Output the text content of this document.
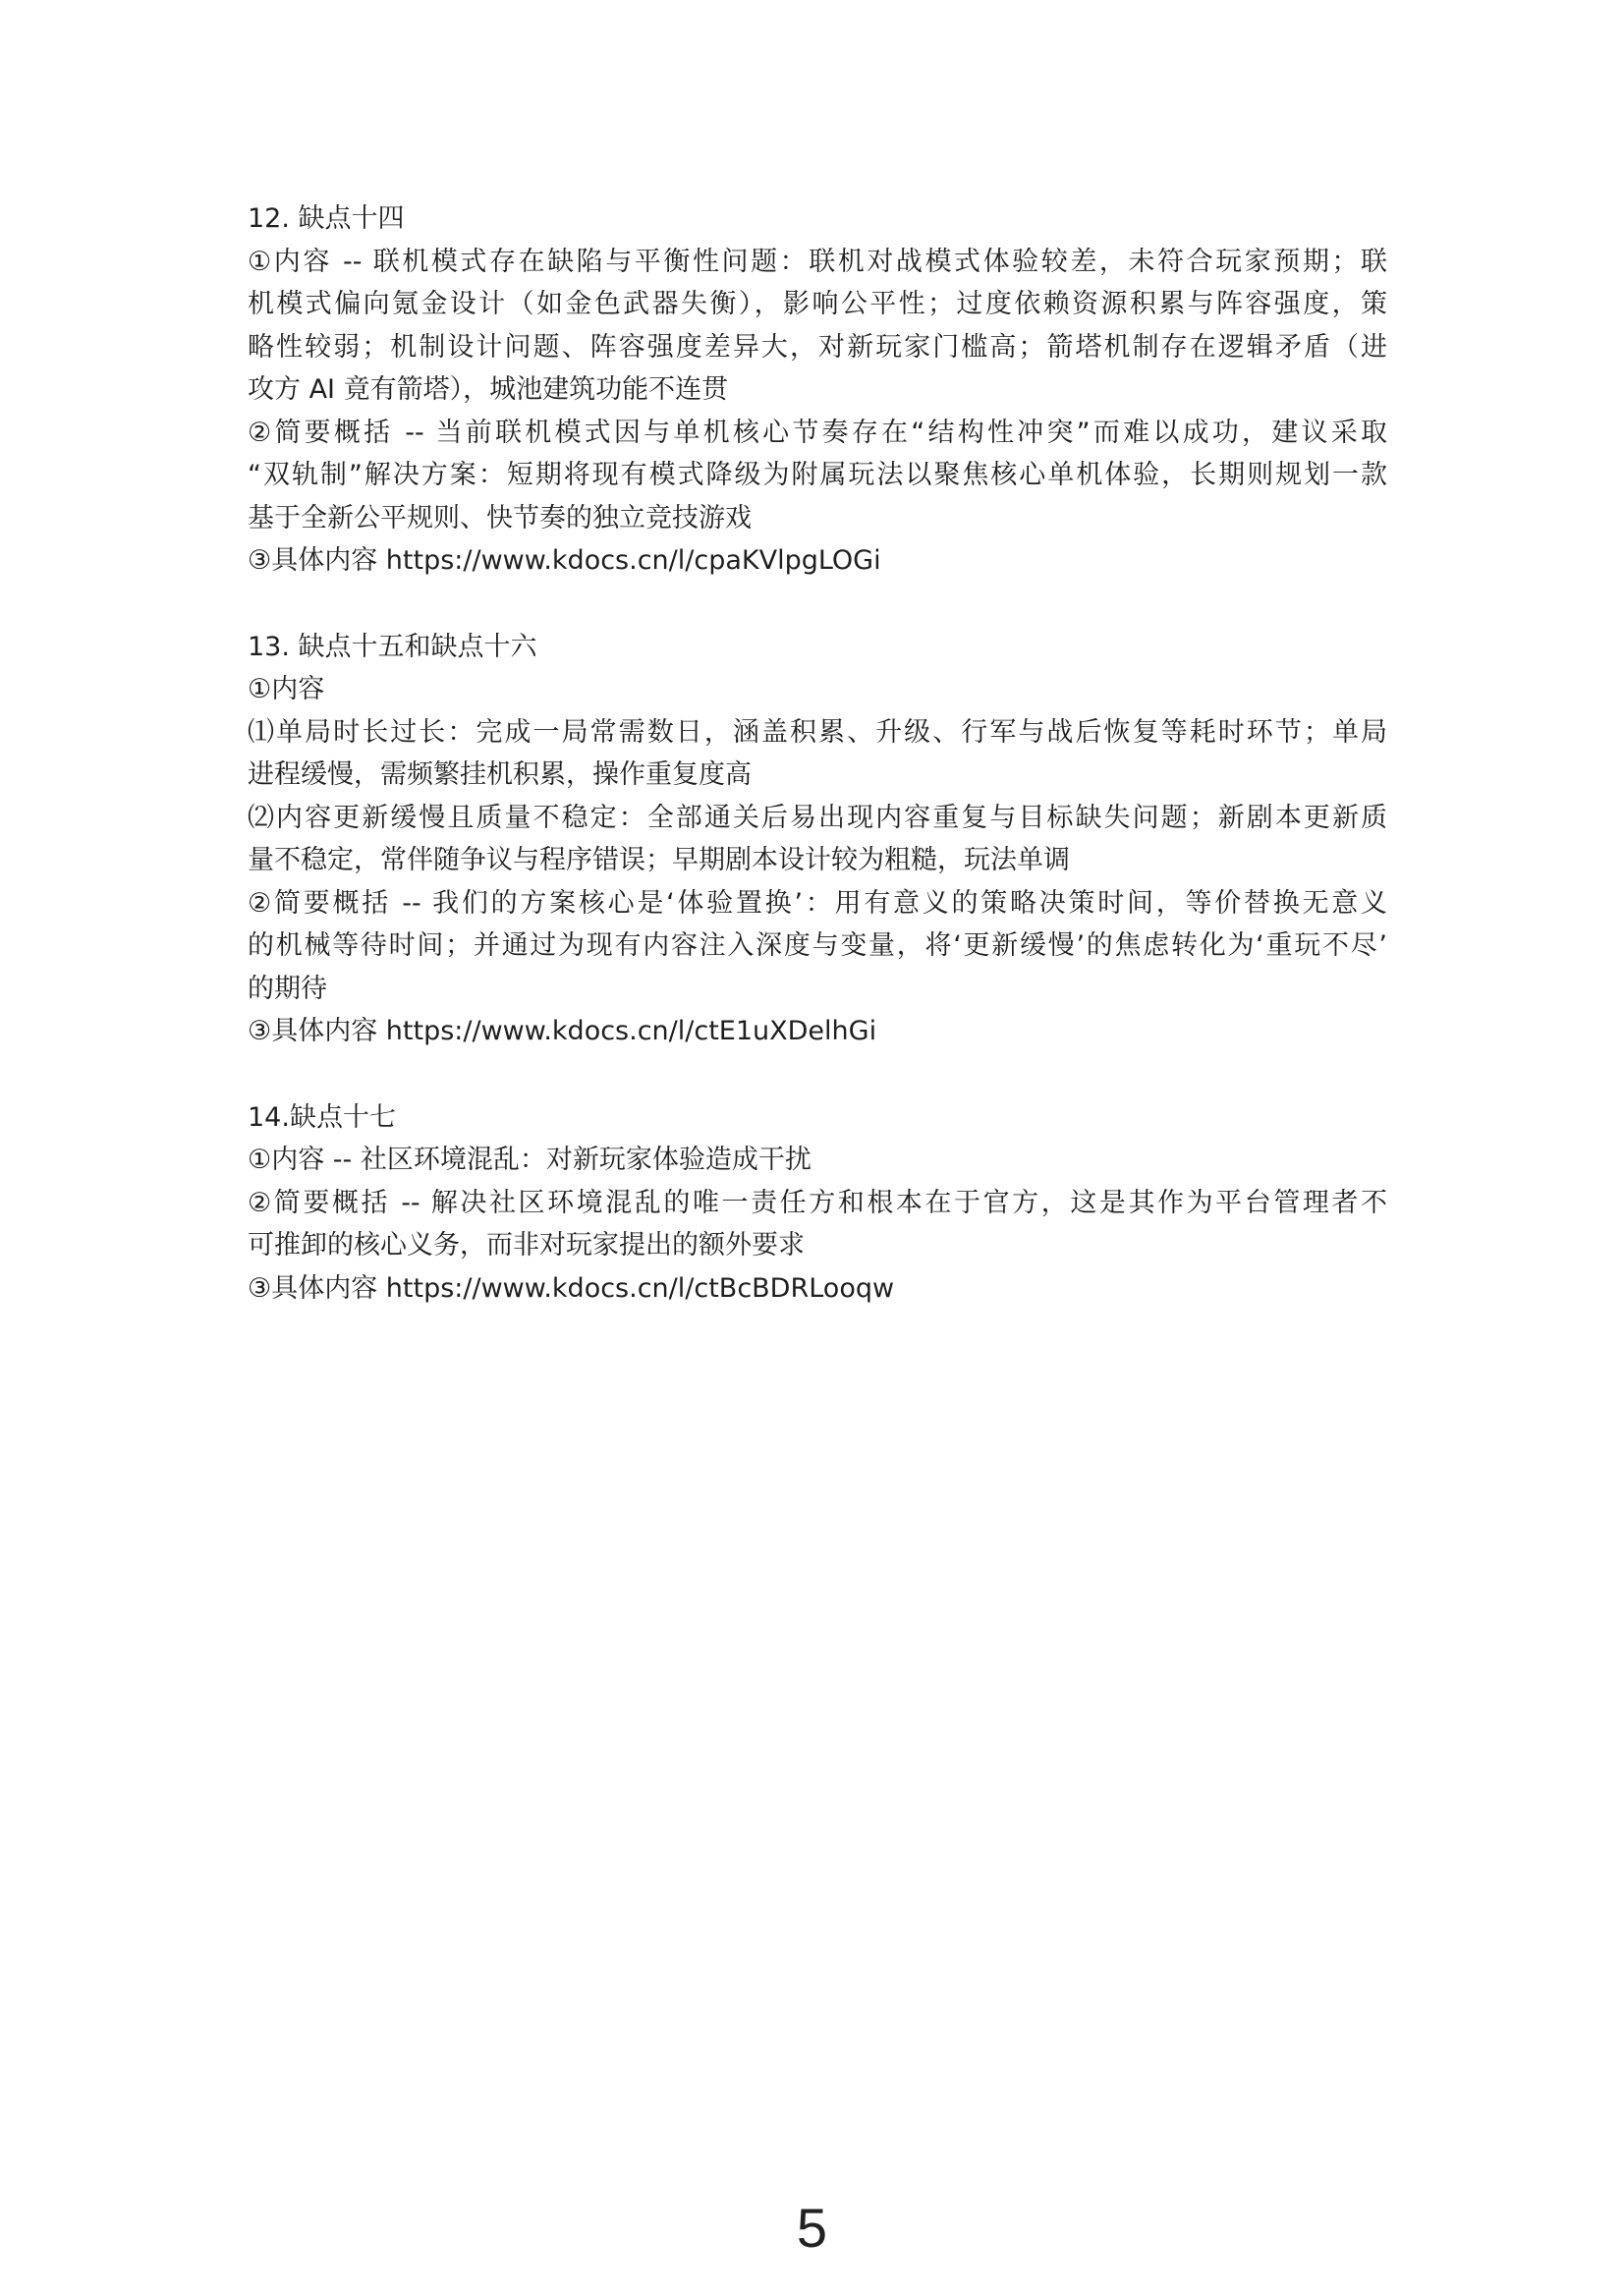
12. 缺点十四
①内容 -- 联机模式存在缺陷与平衡性问题：联机对战模式体验较差，未符合玩家预期；联
机模式偏向氪金设计（如金色武器失衡），影响公平性；过度依赖资源积累与阵容强度，策
略性较弱；机制设计问题、阵容强度差异大，对新玩家门槛高；箭塔机制存在逻辑矛盾（进
攻方 AI 竟有箭塔），城池建筑功能不连贯
②简要概括 -- 当前联机模式因与单机核心节奏存在“结构性冲突”而难以成功，建议采取
“双轨制”解决方案：短期将现有模式降级为附属玩法以聚焦核心单机体验，长期则规划一款
基于全新公平规则、快节奏的独立竞技游戏
③具体内容 https://www.kdocs.cn/l/cpaKVlpgLOGi
13. 缺点十五和缺点十六
①内容
⑴单局时长过长：完成一局常需数日，涵盖积累、升级、行军与战后恢复等耗时环节；单局
进程缓慢，需频繁挂机积累，操作重复度高
⑵内容更新缓慢且质量不稳定：全部通关后易出现内容重复与目标缺失问题；新剧本更新质
量不稳定，常伴随争议与程序错误；早期剧本设计较为粗糙，玩法单调
②简要概括 -- 我们的方案核心是‘体验置换’：用有意义的策略决策时间，等价替换无意义
的机械等待时间；并通过为现有内容注入深度与变量，将‘更新缓慢’的焦虑转化为‘重玩不尽’
的期待
③具体内容 https://www.kdocs.cn/l/ctE1uXDelhGi
14.缺点十七
①内容 -- 社区环境混乱：对新玩家体验造成干扰
②简要概括 -- 解决社区环境混乱的唯一责任方和根本在于官方，这是其作为平台管理者不
可推卸的核心义务，而非对玩家提出的额外要求
③具体内容 https://www.kdocs.cn/l/ctBcBDRLooqw
5
